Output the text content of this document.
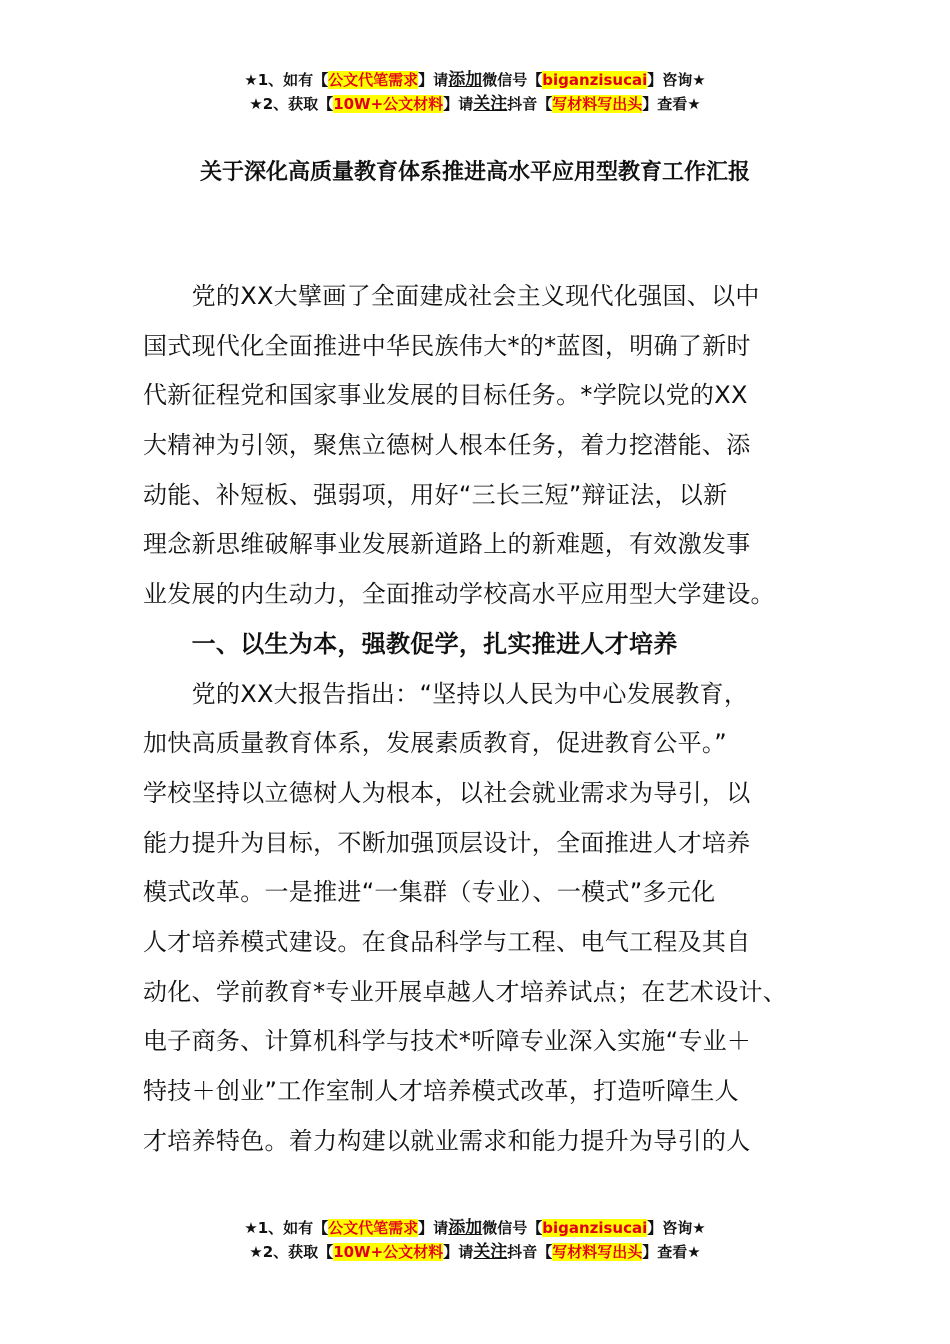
★1、如有【公文代笔需求】请添加微信号【biganzisucai】咨询★
★2、获取【10W+公文材料】请关注抖音【写材料写出头】查看★
关于深化高质量教育体系推进高水平应用型教育工作汇报
　　党的XX大擘画了全面建成社会主义现代化强国、以中
国式现代化全面推进中华民族伟大*的*蓝图，明确了新时
代新征程党和国家事业发展的目标任务。*学院以党的XX
大精神为引领，聚焦立德树人根本任务，着力挖潜能、添
动能、补短板、强弱项，用好“三长三短”辩证法，以新
理念新思维破解事业发展新道路上的新难题，有效激发事
业发展的内生动力，全面推动学校高水平应用型大学建设。
　　一、以生为本，强教促学，扎实推进人才培养
　　党的XX大报告指出：“坚持以人民为中心发展教育，
加快高质量教育体系，发展素质教育，促进教育公平。”
学校坚持以立德树人为根本，以社会就业需求为导引，以
能力提升为目标，不断加强顶层设计，全面推进人才培养
模式改革。一是推进“一集群（专业）、一模式”多元化
人才培养模式建设。在食品科学与工程、电气工程及其自
动化、学前教育*专业开展卓越人才培养试点；在艺术设计、
电子商务、计算机科学与技术*听障专业深入实施“专业＋
特技＋创业”工作室制人才培养模式改革，打造听障生人
才培养特色。着力构建以就业需求和能力提升为导引的人
★1、如有【公文代笔需求】请添加微信号【biganzisucai】咨询★
★2、获取【10W+公文材料】请关注抖音【写材料写出头】查看★
